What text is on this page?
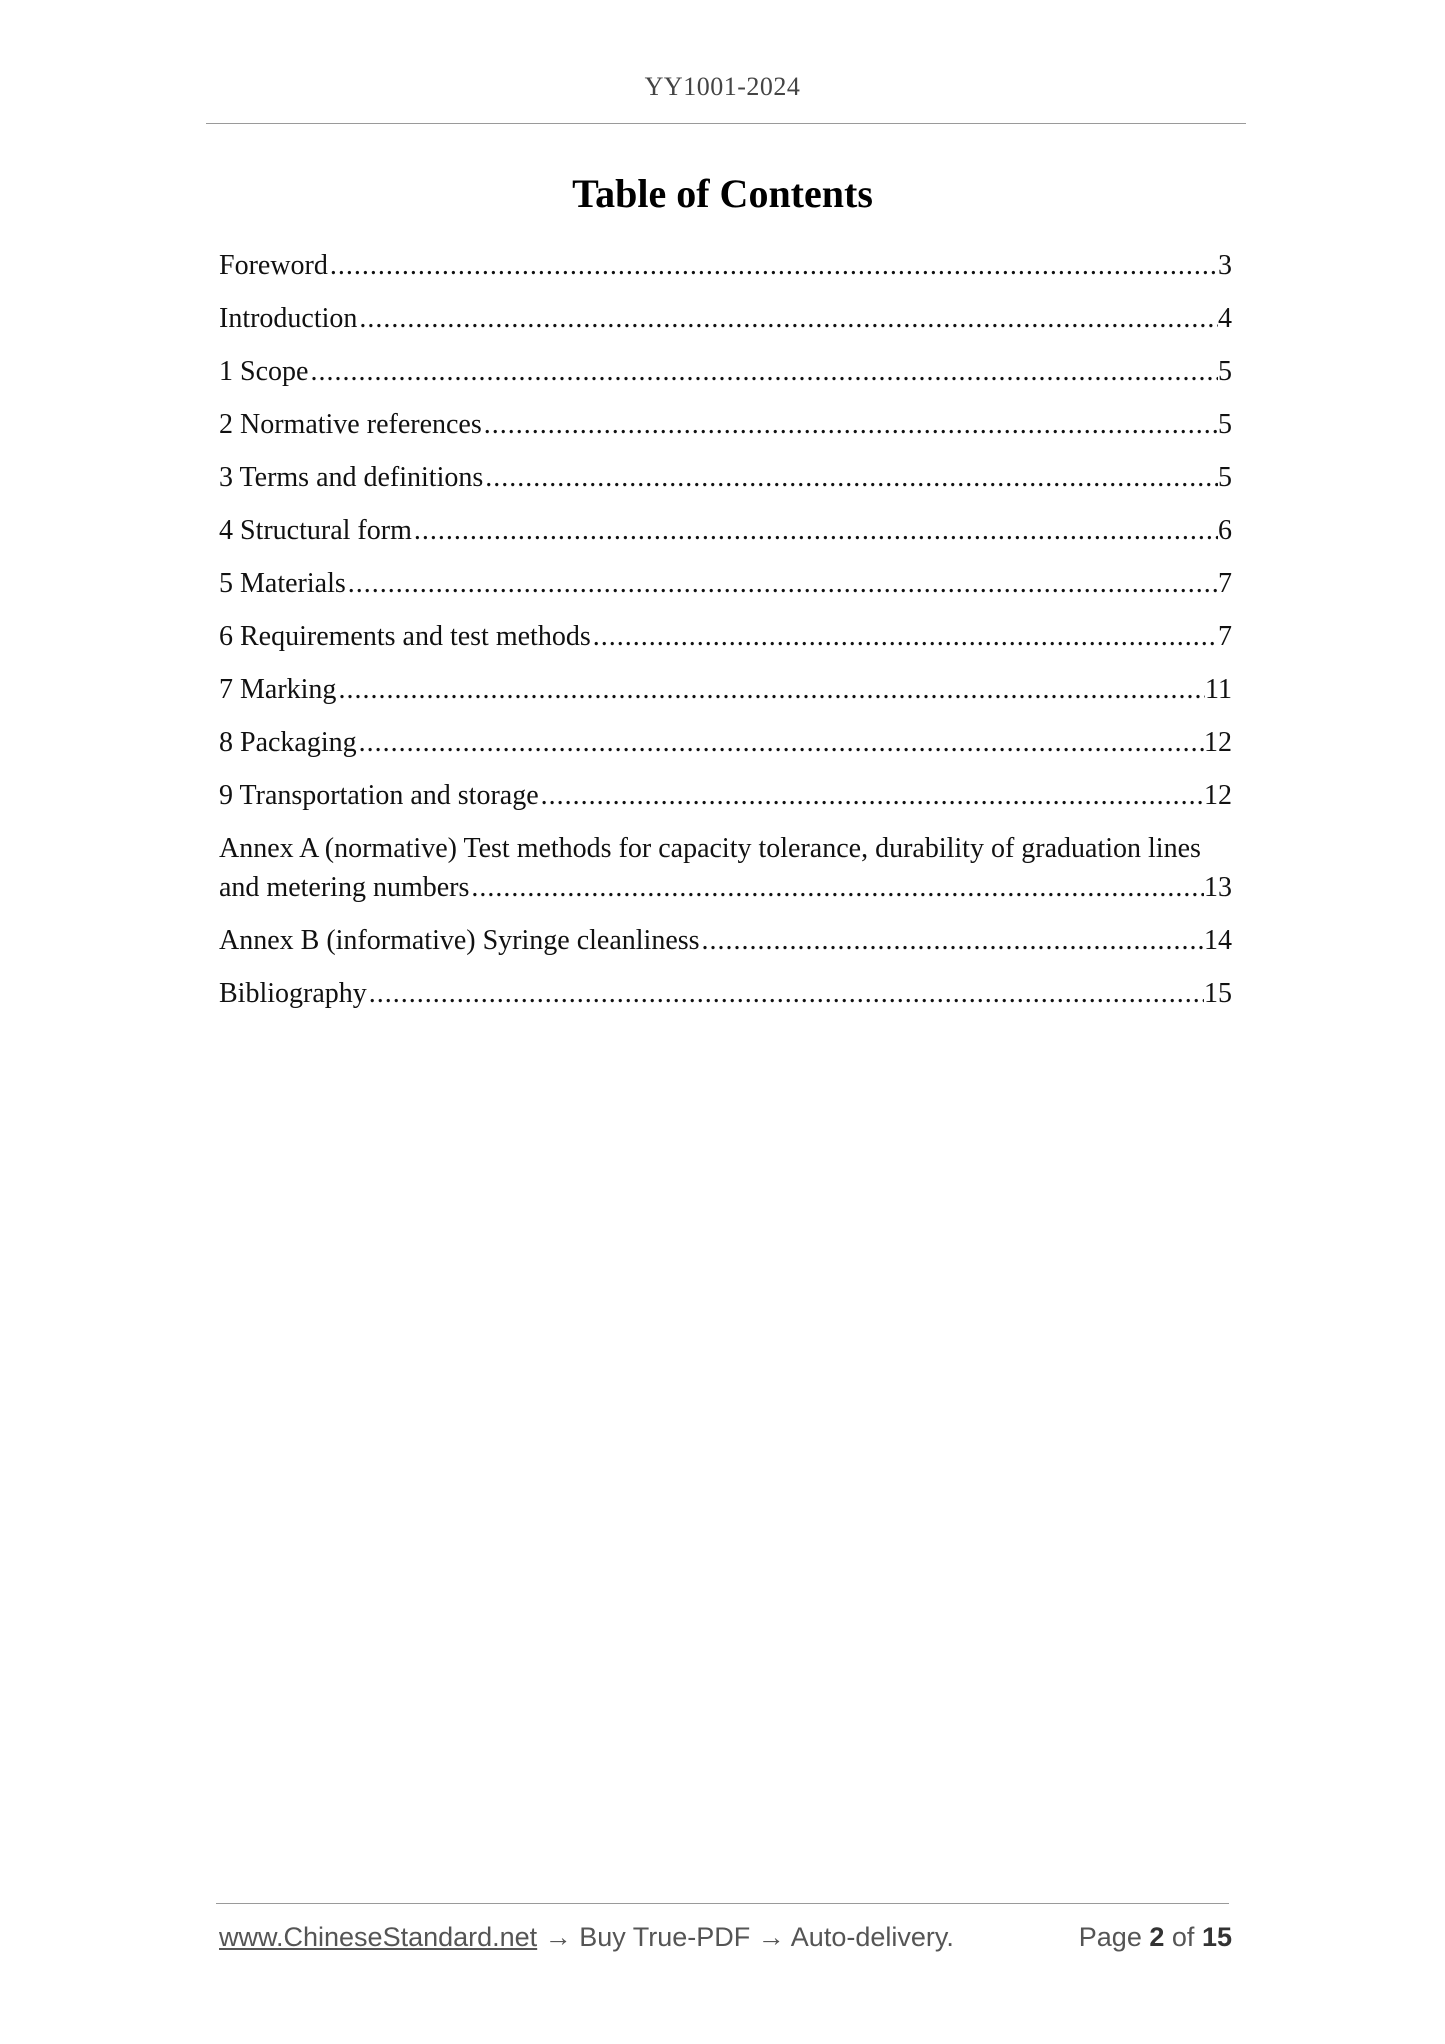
YY1001-2024
Table of Contents
Foreword .....	3
Introduction .....	4
1 Scope .....	5
2 Normative references .....	5
3 Terms and definitions .....	5
4 Structural form .....	6
5 Materials .....	7
6 Requirements and test methods .....	7
7 Marking .....	11
8 Packaging .....	12
9 Transportation and storage .....	12
Annex A (normative) Test methods for capacity tolerance, durability of graduation lines
and metering numbers .....	13
Annex B (informative) Syringe cleanliness .....	14
Bibliography .....	15
www.ChineseStandard.net → Buy True-PDF → Auto-delivery.	Page 2 of 15
